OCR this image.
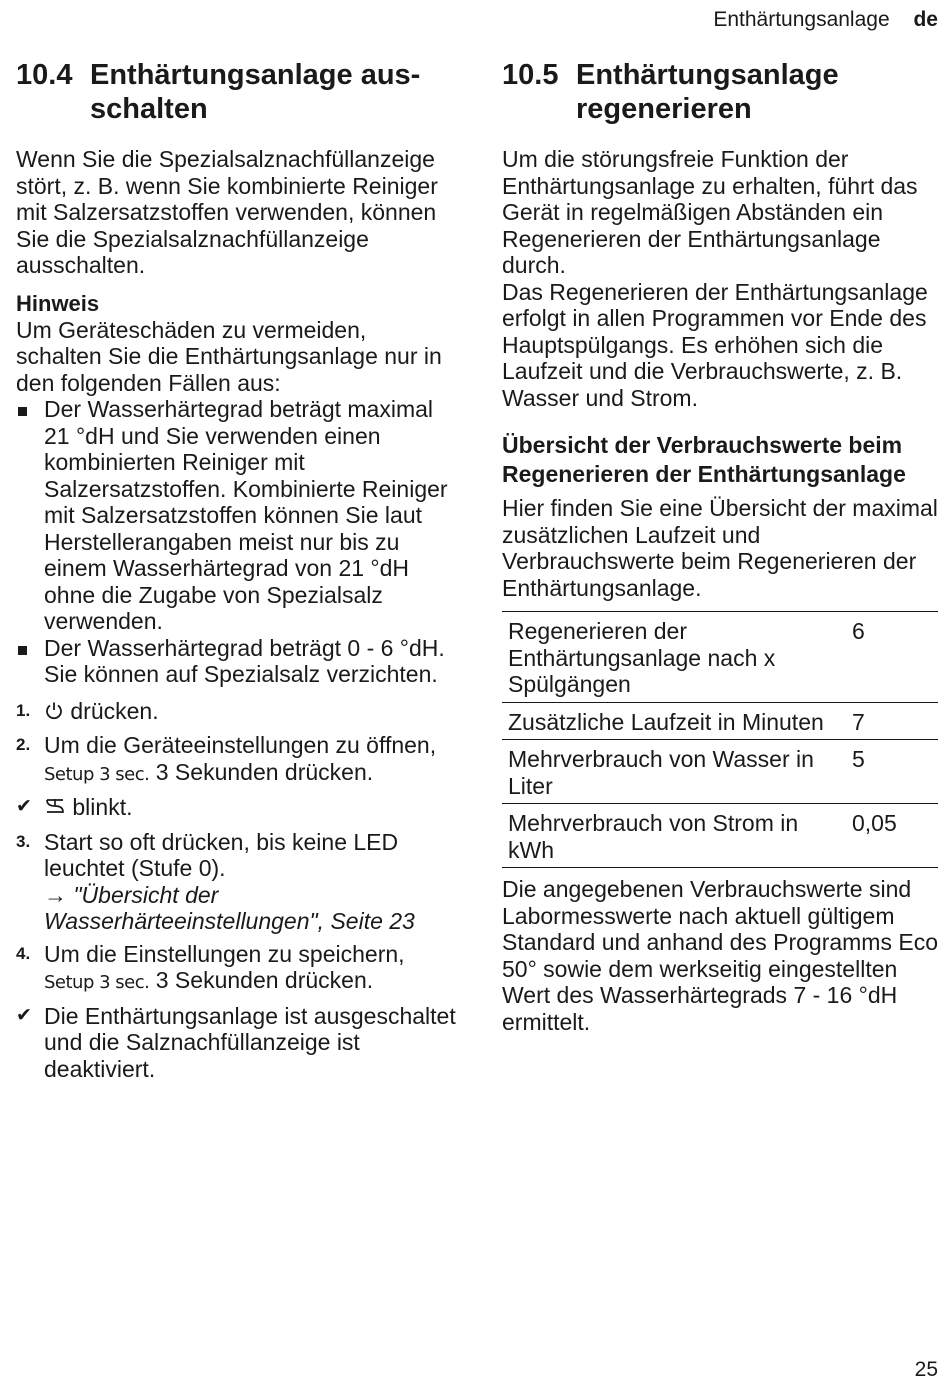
Enthärtungsanlage de
10.4 Enthärtungsanlage aus-schalten

Wenn Sie die Spezialsalznachfüllanzeige stört, z. B. wenn Sie kombinierte Reiniger mit Salzersatzstoffen verwenden, können Sie die Spezialsalznachfüllanzeige ausschalten.

Hinweis

Um Geräteschäden zu vermeiden, schalten Sie die Enthärtungsanlage nur in den folgenden Fällen aus:

Der Wasserhärtegrad beträgt maximal 21 °dH und Sie verwenden einen kombinierten Reiniger mit Salzersatzstoffen. Kombinierte Reiniger mit Salzersatzstoffen können Sie laut Herstellerangaben meist nur bis zu einem Wasserhärtegrad von 21 °dH ohne die Zugabe von Spezialsalz verwenden.
Der Wasserhärtegrad beträgt 0 - 6 °dH. Sie können auf Spezialsalz verzichten.
1. drücken.
2. Um die Geräteeinstellungen zu öffnen, Setup 3 sec. 3 Sekunden drücken.
✔ blinkt.
3. Start so oft drücken, bis keine LED leuchtet (Stufe 0).
→ "Übersicht der Wasserhärteeinstellungen", Seite 23
4. Um die Einstellungen zu speichern, Setup 3 sec. 3 Sekunden drücken.
✔ Die Enthärtungsanlage ist ausgeschaltet und die Salznachfüllanzeige ist deaktiviert.
10.5 Enthärtungsanlage regenerieren

Um die störungsfreie Funktion der Enthärtungsanlage zu erhalten, führt das Gerät in regelmäßigen Abständen ein Regenerieren der Enthärtungsanlage durch.

Das Regenerieren der Enthärtungsanlage erfolgt in allen Programmen vor Ende des Hauptspülgangs. Es erhöhen sich die Laufzeit und die Verbrauchswerte, z. B. Wasser und Strom.

Übersicht der Verbrauchswerte beim Regenerieren der Enthärtungsanlage

Hier finden Sie eine Übersicht der maximal zusätzlichen Laufzeit und Verbrauchswerte beim Regenerieren der Enthärtungsanlage.

Regenerieren der Enthärtungsanlage nach x Spülgängen	6
Zusätzliche Laufzeit in Minuten	7
Mehrverbrauch von Wasser in Liter	5
Mehrverbrauch von Strom in kWh	0,05

Die angegebenen Verbrauchswerte sind Labormesswerte nach aktuell gültigem Standard und anhand des Programms Eco 50° sowie dem werkseitig eingestellten Wert des Wasserhärtegrads 7 - 16 °dH ermittelt.

25
